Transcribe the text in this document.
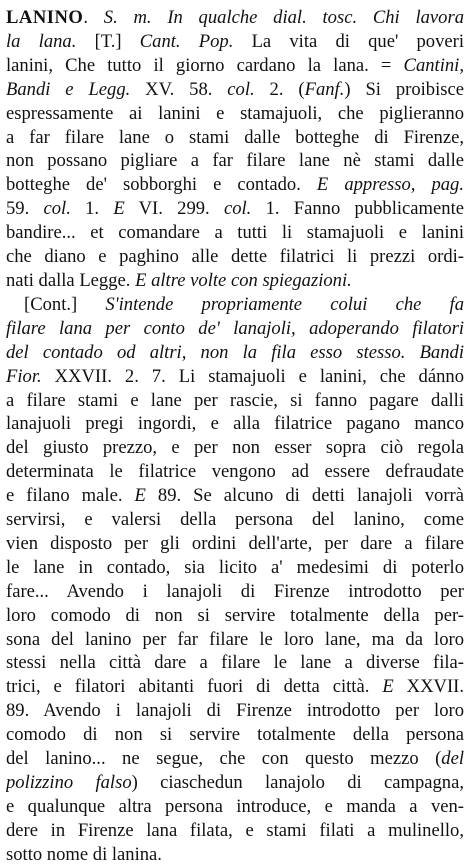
LANINO. S. m. In qualche dial. tosc. Chi lavora
la lana. [T.] Cant. Pop. La vita di que' poveri
lanini, Che tutto il giorno cardano la lana. = Cantini,
Bandi e Legg. XV. 58. col. 2. (Fanf.) Si proibisce
espressamente ai lanini e stamajuoli, che piglieranno
a far filare lane o stami dalle botteghe di Firenze,
non possano pigliare a far filare lane nè stami dalle
botteghe de' sobborghi e contado. E appresso, pag.
59. col. 1. E VI. 299. col. 1. Fanno pubblicamente
bandire... et comandare a tutti li stamajuoli e lanini
che diano e paghino alle dette filatrici li prezzi ordi-
nati dalla Legge. E altre volte con spiegazioni.
[Cont.] S'intende propriamente colui che fa
filare lana per conto de' lanajoli, adoperando filatori
del contado od altri, non la fila esso stesso. Bandi
Fior. XXVII. 2. 7. Li stamajuoli e lanini, che dánno
a filare stami e lane per rascie, si fanno pagare dalli
lanajuoli pregi ingordi, e alla filatrice pagano manco
del giusto prezzo, e per non esser sopra ciò regola
determinata le filatrice vengono ad essere defraudate
e filano male. E 89. Se alcuno di detti lanajoli vorrà
servirsi, e valersi della persona del lanino, come
vien disposto per gli ordini dell'arte, per dare a filare
le lane in contado, sia licito a' medesimi di poterlo
fare... Avendo i lanajoli di Firenze introdotto per
loro comodo di non si servire totalmente della per-
sona del lanino per far filare le loro lane, ma da loro
stessi nella città dare a filare le lane a diverse fila-
trici, e filatori abitanti fuori di detta città. E XXVII.
89. Avendo i lanajoli di Firenze introdotto per loro
comodo di non si servire totalmente della persona
del lanino... ne segue, che con questo mezzo (del
polizzino falso) ciaschedun lanajolo di campagna,
e qualunque altra persona introduce, e manda a ven-
dere in Firenze lana filata, e stami filati a mulinello,
sotto nome di lanina.
